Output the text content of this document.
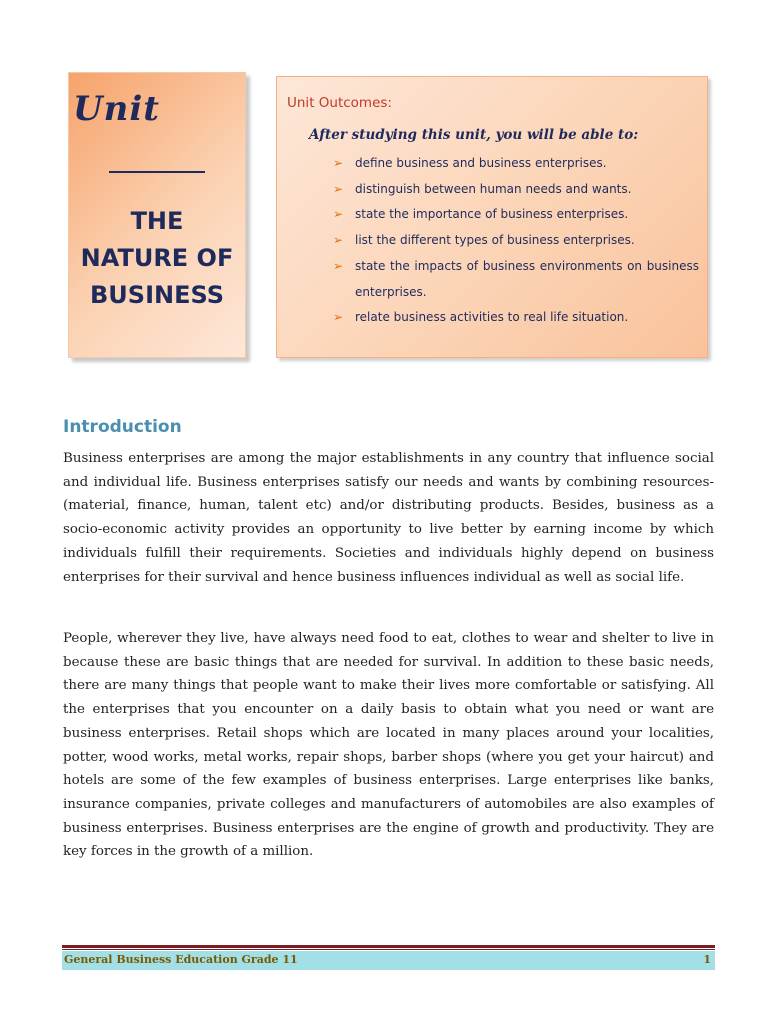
Unit
THE
NATURE OF
BUSINESS
Unit Outcomes:
After studying this unit, you will be able to:
➢ define business and business enterprises.
➢ distinguish between human needs and wants.
➢ state the importance of business enterprises.
➢ list the different types of business enterprises.
➢ state the impacts of business environments on business enterprises.
➢ relate business activities to real life situation.
Introduction

Business enterprises are among the major establishments in any country that influence social and individual life. Business enterprises satisfy our needs and wants by combining resources-(material, finance, human, talent etc) and/or distributing products. Besides, business as a socio-economic activity provides an opportunity to live better by earning income by which individuals fulfill their requirements. Societies and individuals highly depend on business enterprises for their survival and hence business influences individual as well as social life.

People, wherever they live, have always need food to eat, clothes to wear and shelter to live in because these are basic things that are needed for survival. In addition to these basic needs, there are many things that people want to make their lives more comfortable or satisfying. All the enterprises that you encounter on a daily basis to obtain what you need or want are business enterprises. Retail shops which are located in many places around your localities, potter, wood works, metal works, repair shops, barber shops (where you get your haircut) and hotels are some of the few examples of business enterprises. Large enterprises like banks, insurance companies, private colleges and manufacturers of automobiles are also examples of business enterprises. Business enterprises are the engine of growth and productivity. They are key forces in the growth of a million.

General Business Education Grade 11	1
